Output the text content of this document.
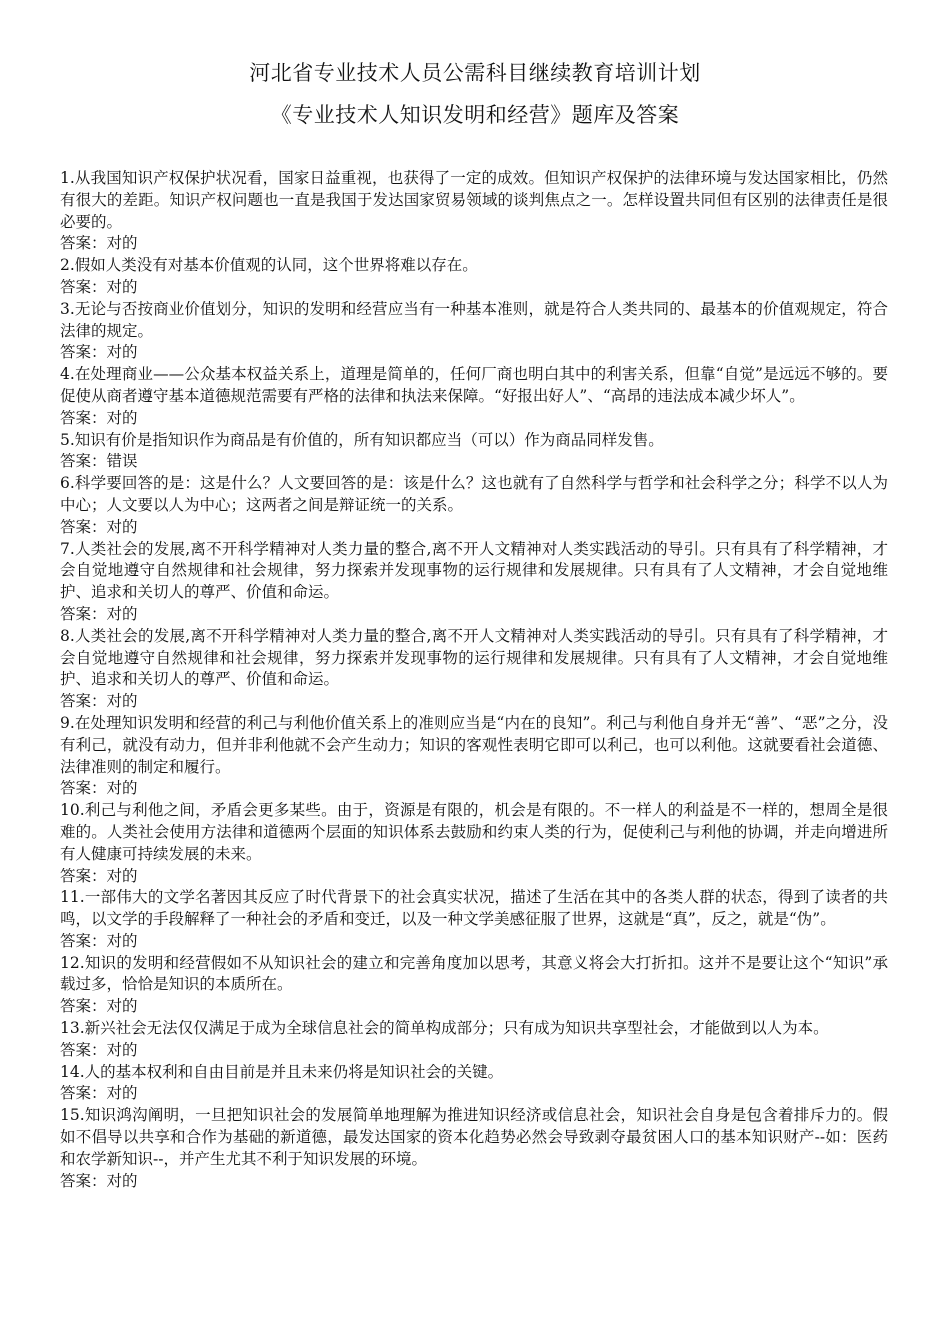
河北省专业技术人员公需科目继续教育培训计划
《专业技术人知识发明和经营》题库及答案

1.从我国知识产权保护状况看，国家日益重视，也获得了一定的成效。但知识产权保护的法律环境与发达国家相比，仍然有很大的差距。知识产权问题也一直是我国于发达国家贸易领域的谈判焦点之一。怎样设置共同但有区别的法律责任是很必要的。

答案：对的

2.假如人类没有对基本价值观的认同，这个世界将难以存在。

答案：对的

3.无论与否按商业价值划分，知识的发明和经营应当有一种基本准则，就是符合人类共同的、最基本的价值观规定，符合法律的规定。

答案：对的

4.在处理商业——公众基本权益关系上，道理是简单的，任何厂商也明白其中的利害关系，但靠“自觉”是远远不够的。要促使从商者遵守基本道德规范需要有严格的法律和执法来保障。“好报出好人”、“高昂的违法成本减少坏人”。

答案：对的

5.知识有价是指知识作为商品是有价值的，所有知识都应当（可以）作为商品同样发售。

答案：错误

6.科学要回答的是：这是什么？人文要回答的是：该是什么？这也就有了自然科学与哲学和社会科学之分；科学不以人为中心；人文要以人为中心；这两者之间是辩证统一的关系。

答案：对的

7.人类社会的发展,离不开科学精神对人类力量的整合,离不开人文精神对人类实践活动的导引。只有具有了科学精神，才会自觉地遵守自然规律和社会规律，努力探索并发现事物的运行规律和发展规律。只有具有了人文精神，才会自觉地维护、追求和关切人的尊严、价值和命运。

答案：对的

8.人类社会的发展,离不开科学精神对人类力量的整合,离不开人文精神对人类实践活动的导引。只有具有了科学精神，才会自觉地遵守自然规律和社会规律，努力探索并发现事物的运行规律和发展规律。只有具有了人文精神，才会自觉地维护、追求和关切人的尊严、价值和命运。

答案：对的

9.在处理知识发明和经营的利己与利他价值关系上的准则应当是“内在的良知”。利己与利他自身并无“善”、“恶”之分，没有利己，就没有动力，但并非利他就不会产生动力；知识的客观性表明它即可以利己，也可以利他。这就要看社会道德、法律准则的制定和履行。

答案：对的

10.利己与利他之间，矛盾会更多某些。由于，资源是有限的，机会是有限的。不一样人的利益是不一样的，想周全是很难的。人类社会使用方法律和道德两个层面的知识体系去鼓励和约束人类的行为，促使利己与利他的协调，并走向增进所有人健康可持续发展的未来。

答案：对的

11.一部伟大的文学名著因其反应了时代背景下的社会真实状况，描述了生活在其中的各类人群的状态，得到了读者的共鸣，以文学的手段解释了一种社会的矛盾和变迁，以及一种文学美感征服了世界，这就是“真”，反之，就是“伪”。

答案：对的

12.知识的发明和经营假如不从知识社会的建立和完善角度加以思考，其意义将会大打折扣。这并不是要让这个“知识”承载过多，恰恰是知识的本质所在。

答案：对的

13.新兴社会无法仅仅满足于成为全球信息社会的简单构成部分；只有成为知识共享型社会，才能做到以人为本。

答案：对的

14.人的基本权利和自由目前是并且未来仍将是知识社会的关键。

答案：对的

15.知识鸿沟阐明，一旦把知识社会的发展简单地理解为推进知识经济或信息社会，知识社会自身是包含着排斥力的。假如不倡导以共享和合作为基础的新道德，最发达国家的资本化趋势必然会导致剥夺最贫困人口的基本知识财产--如：医药和农学新知识--，并产生尤其不利于知识发展的环境。

答案：对的
